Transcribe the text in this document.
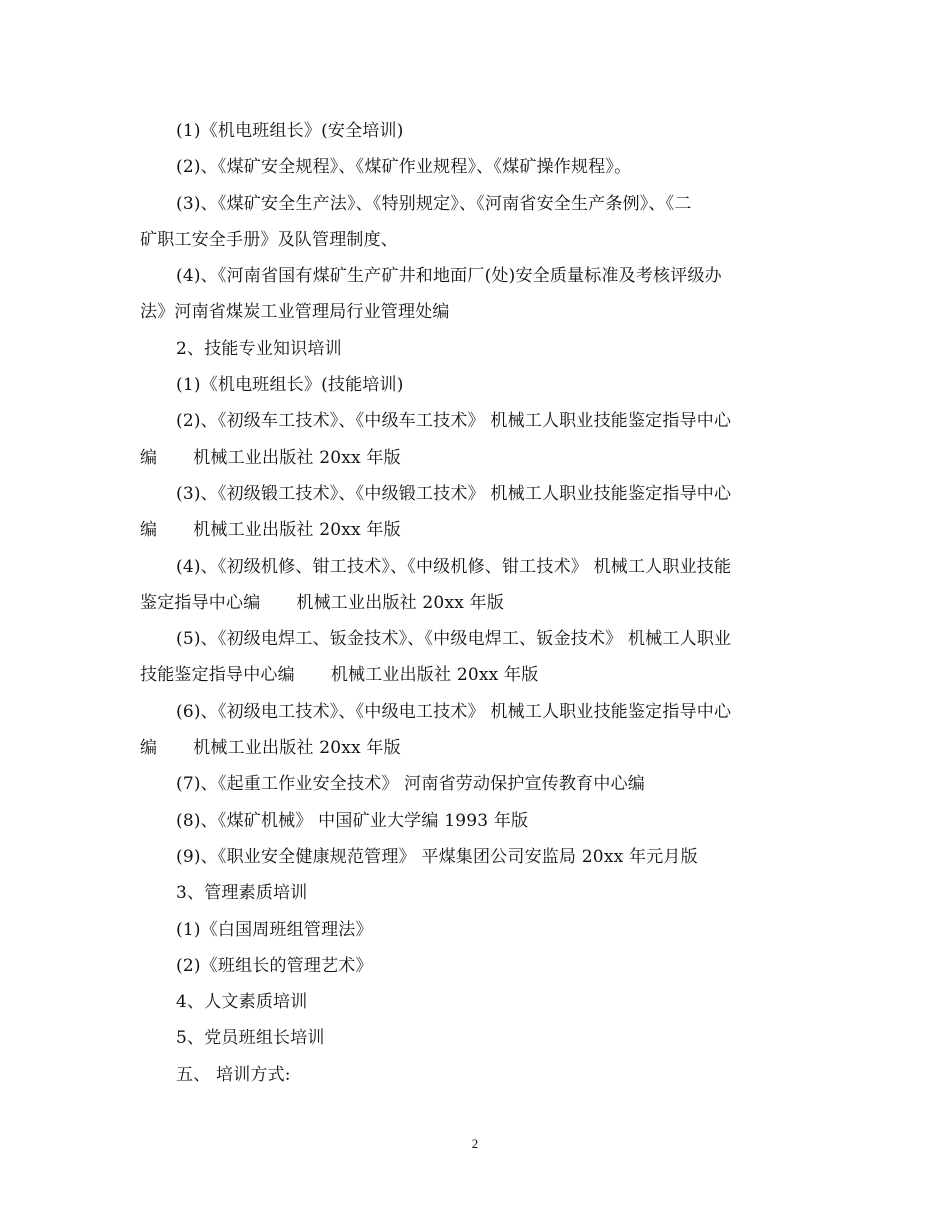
(1)《机电班组长》(安全培训)
(2)、《煤矿安全规程》、《煤矿作业规程》、《煤矿操作规程》。
(3)、《煤矿安全生产法》、《特别规定》、《河南省安全生产条例》、《二
矿职工安全手册》及队管理制度、
(4)、《河南省国有煤矿生产矿井和地面厂(处)安全质量标准及考核评级办
法》河南省煤炭工业管理局行业管理处编
2、技能专业知识培训
(1)《机电班组长》(技能培训)
(2)、《初级车工技术》、《中级车工技术》 机械工人职业技能鉴定指导中心
编 机械工业出版社 20xx 年版
(3)、《初级锻工技术》、《中级锻工技术》 机械工人职业技能鉴定指导中心
编 机械工业出版社 20xx 年版
(4)、《初级机修、钳工技术》、《中级机修、钳工技术》 机械工人职业技能
鉴定指导中心编 机械工业出版社 20xx 年版
(5)、《初级电焊工、钣金技术》、《中级电焊工、钣金技术》 机械工人职业
技能鉴定指导中心编 机械工业出版社 20xx 年版
(6)、《初级电工技术》、《中级电工技术》 机械工人职业技能鉴定指导中心
编 机械工业出版社 20xx 年版
(7)、《起重工作业安全技术》 河南省劳动保护宣传教育中心编
(8)、《煤矿机械》 中国矿业大学编 1993 年版
(9)、《职业安全健康规范管理》 平煤集团公司安监局 20xx 年元月版
3、管理素质培训
(1)《白国周班组管理法》
(2)《班组长的管理艺术》
4、人文素质培训
5、党员班组长培训
五、 培训方式:
2
